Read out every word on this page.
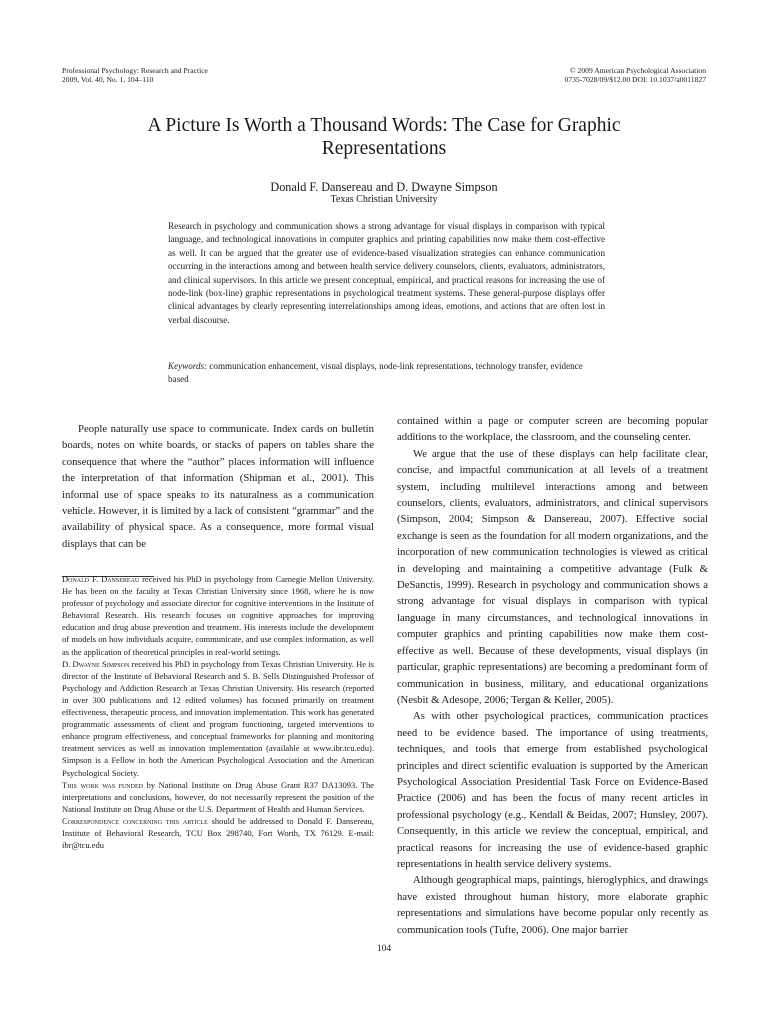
Professional Psychology: Research and Practice
2009, Vol. 40, No. 1, 104–110
© 2009 American Psychological Association
0735-7028/09/$12.00 DOI: 10.1037/a0011827
A Picture Is Worth a Thousand Words: The Case for Graphic Representations
Donald F. Dansereau and D. Dwayne Simpson
Texas Christian University

Research in psychology and communication shows a strong advantage for visual displays in comparison with typical language, and technological innovations in computer graphics and printing capabilities now make them cost-effective as well. It can be argued that the greater use of evidence-based visualization strategies can enhance communication occurring in the interactions among and between health service delivery counselors, clients, evaluators, administrators, and clinical supervisors. In this article we present conceptual, empirical, and practical reasons for increasing the use of node-link (box-line) graphic representations in psychological treatment systems. These general-purpose displays offer clinical advantages by clearly representing interrelationships among ideas, emotions, and actions that are often lost in verbal discourse.

Keywords: communication enhancement, visual displays, node-link representations, technology transfer, evidence based

People naturally use space to communicate. Index cards on bulletin boards, notes on white boards, or stacks of papers on tables share the consequence that where the “author” places information will influence the interpretation of that information (Shipman et al., 2001). This informal use of space speaks to its naturalness as a communication vehicle. However, it is limited by a lack of consistent “grammar” and the availability of physical space. As a consequence, more formal visual displays that can be

Donald F. Dansereau received his PhD in psychology from Carnegie Mellon University. He has been on the faculty at Texas Christian University since 1968, where he is now professor of psychology and associate director for cognitive interventions in the Institute of Behavioral Research. His research focuses on cognitive approaches for improving education and drug abuse prevention and treatment. His interests include the development of models on how individuals acquire, communicate, and use complex information, as well as the application of theoretical principles in real-world settings.

D. Dwayne Simpson received his PhD in psychology from Texas Christian University. He is director of the Institute of Behavioral Research and S. B. Sells Distinguished Professor of Psychology and Addiction Research at Texas Christian University. His research (reported in over 300 publications and 12 edited volumes) has focused primarily on treatment effectiveness, therapeutic process, and innovation implementation. This work has generated programmatic assessments of client and program functioning, targeted interventions to enhance program effectiveness, and conceptual frameworks for planning and monitoring treatment services as well as innovation implementation (available at www.ibr.tcu.edu). Simpson is a Fellow in both the American Psychological Association and the American Psychological Society.

This work was funded by National Institute on Drug Abuse Grant R37 DA13093. The interpretations and conclusions, however, do not necessarily represent the position of the National Institute on Drug Abuse or the U.S. Department of Health and Human Services.

Correspondence concerning this article should be addressed to Donald F. Dansereau, Institute of Behavioral Research, TCU Box 298740, Fort Worth, TX 76129. E-mail: ibr@tcu.edu

contained within a page or computer screen are becoming popular additions to the workplace, the classroom, and the counseling center.

We argue that the use of these displays can help facilitate clear, concise, and impactful communication at all levels of a treatment system, including multilevel interactions among and between counselors, clients, evaluators, administrators, and clinical supervisors (Simpson, 2004; Simpson & Dansereau, 2007). Effective social exchange is seen as the foundation for all modern organizations, and the incorporation of new communication technologies is viewed as critical in developing and maintaining a competitive advantage (Fulk & DeSanctis, 1999). Research in psychology and communication shows a strong advantage for visual displays in comparison with typical language in many circumstances, and technological innovations in computer graphics and printing capabilities now make them cost-effective as well. Because of these developments, visual displays (in particular, graphic representations) are becoming a predominant form of communication in business, military, and educational organizations (Nesbit & Adesope, 2006; Tergan & Keller, 2005).

As with other psychological practices, communication practices need to be evidence based. The importance of using treatments, techniques, and tools that emerge from established psychological principles and direct scientific evaluation is supported by the American Psychological Association Presidential Task Force on Evidence-Based Practice (2006) and has been the focus of many recent articles in professional psychology (e.g., Kendall & Beidas, 2007; Hunsley, 2007). Consequently, in this article we review the conceptual, empirical, and practical reasons for increasing the use of evidence-based graphic representations in health service delivery systems.

Although geographical maps, paintings, hieroglyphics, and drawings have existed throughout human history, more elaborate graphic representations and simulations have become popular only recently as communication tools (Tufte, 2006). One major barrier

104
